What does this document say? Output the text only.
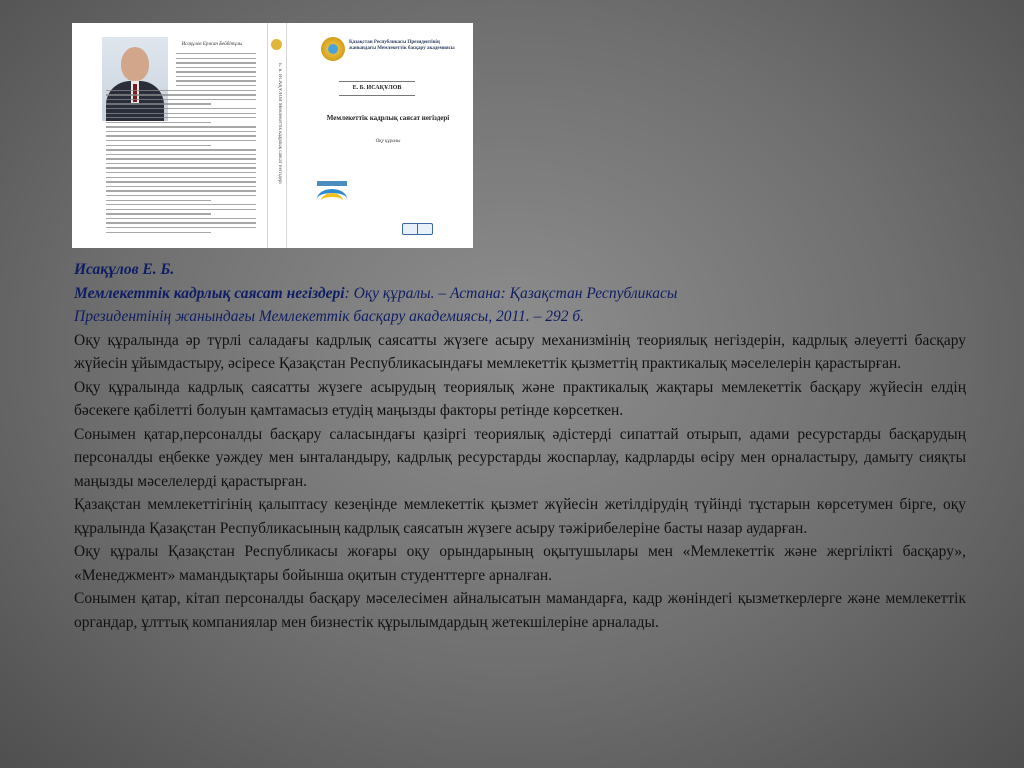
Исақұлов Ержан Бейбітұлы
Е. Б. ИСАҚҰЛОВ Мемлекеттік кадрлық саясат негіздері
Қазақстан Республикасы Президентінің жанындағы Мемлекеттік басқару академиясы
Е. Б. ИСАҚҰЛОВ
Мемлекеттік кадрлық саясат негіздері
Оқу құралы
Исақұлов Е. Б.
Мемлекеттік кадрлық саясат негіздері: Оқу құралы. – Астана: Қазақстан Республикасы
Президентінің жанындағы Мемлекеттік басқару академиясы, 2011. – 292 б.

Оқу құралында әр түрлі саладағы кадрлық саясатты жүзеге асыру механизмінің теориялық негіздерін, кадрлық әлеуетті басқару жүйесін ұйымдастыру, әсіресе Қазақстан Республикасындағы мемлекеттік қызметтің практикалық мәселелерін қарастырған.

Оқу құралында кадрлық саясатты жүзеге асырудың теориялық және практикалық жақтары мемлекеттік басқару жүйесін елдің бәсекеге қабілетті болуын қамтамасыз етудің маңызды факторы ретінде көрсеткен.

Сонымен қатар,персоналды басқару саласындағы қазіргі теориялық әдістерді сипаттай отырып, адами ресурстарды басқарудың персоналды еңбекке уәждеу мен ынталандыру, кадрлық ресурстарды жоспарлау, кадрларды өсіру мен орналастыру, дамыту сияқты маңызды мәселелерді қарастырған.

Қазақстан мемлекеттігінің қалыптасу кезеңінде мемлекеттік қызмет жүйесін жетілдірудің түйінді тұстарын көрсетумен бірге, оқу құралында Қазақстан Республикасының кадрлық саясатын жүзеге асыру тәжірибелеріне басты назар аударған.

Оқу құралы Қазақстан Республикасы жоғары оқу орындарының оқытушылары мен «Мемлекеттік және жергілікті басқару», «Менеджмент» мамандықтары бойынша оқитын студенттерге арналған.

Сонымен қатар, кітап персоналды басқару мәселесімен айналысатын мамандарға, кадр жөніндегі қызметкерлерге және мемлекеттік органдар, ұлттық компаниялар мен бизнестік құрылымдардың жетекшілеріне арналады.
